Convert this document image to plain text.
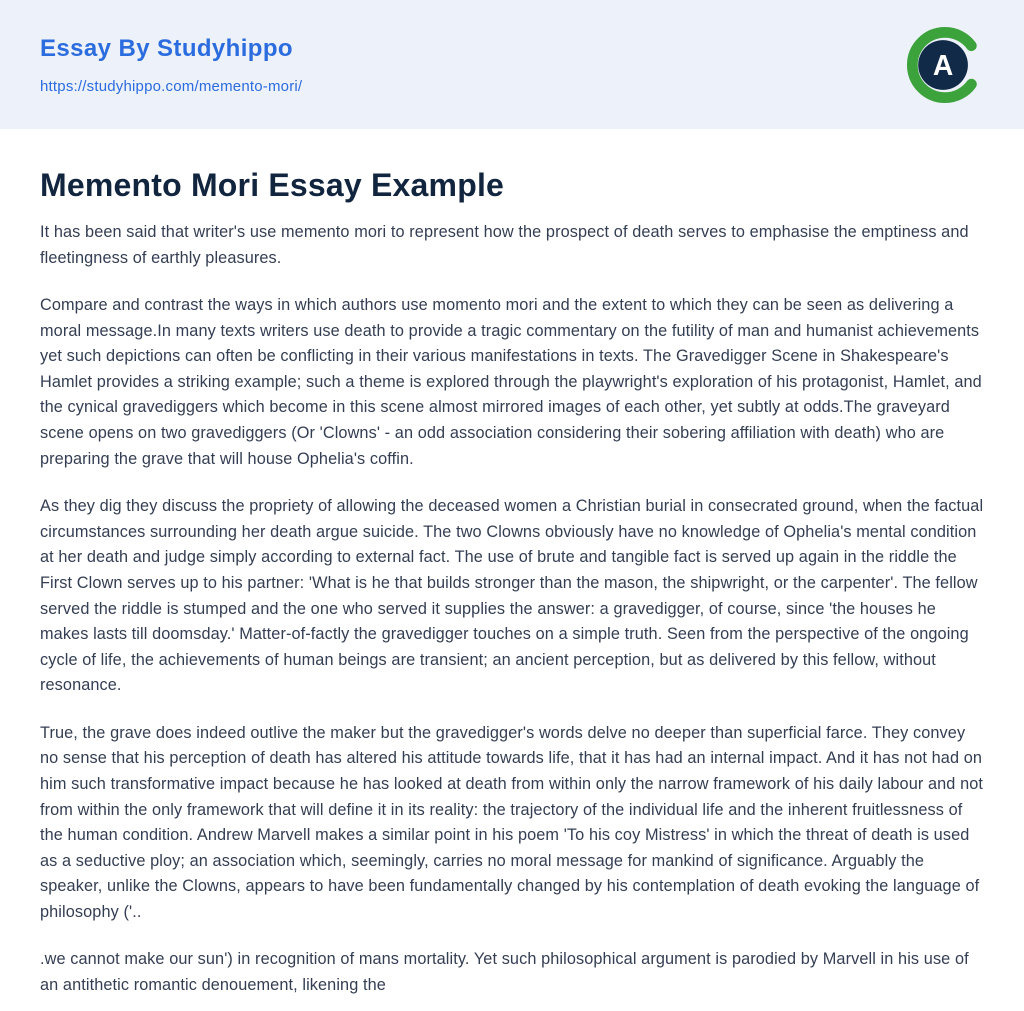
Essay By Studyhippo
https://studyhippo.com/memento-mori/
A
Memento Mori Essay Example

It has been said that writer's use memento mori to represent how the prospect of death serves to emphasise the emptiness and fleetingness of earthly pleasures.

Compare and contrast the ways in which authors use momento mori and the extent to which they can be seen as delivering a moral message.In many texts writers use death to provide a tragic commentary on the futility of man and humanist achievements yet such depictions can often be conflicting in their various manifestations in texts. The Gravedigger Scene in Shakespeare's Hamlet provides a striking example; such a theme is explored through the playwright's exploration of his protagonist, Hamlet, and the cynical gravediggers which become in this scene almost mirrored images of each other, yet subtly at odds.The graveyard scene opens on two gravediggers (Or 'Clowns' - an odd association considering their sobering affiliation with death) who are preparing the grave that will house Ophelia's coffin.

As they dig they discuss the propriety of allowing the deceased women a Christian burial in consecrated ground, when the factual circumstances surrounding her death argue suicide. The two Clowns obviously have no knowledge of Ophelia's mental condition at her death and judge simply according to external fact. The use of brute and tangible fact is served up again in the riddle the First Clown serves up to his partner: 'What is he that builds stronger than the mason, the shipwright, or the carpenter'. The fellow served the riddle is stumped and the one who served it supplies the answer: a gravedigger, of course, since 'the houses he makes lasts till doomsday.' Matter-of-factly the gravedigger touches on a simple truth. Seen from the perspective of the ongoing cycle of life, the achievements of human beings are transient; an ancient perception, but as delivered by this fellow, without resonance.

True, the grave does indeed outlive the maker but the gravedigger's words delve no deeper than superficial farce. They convey no sense that his perception of death has altered his attitude towards life, that it has had an internal impact. And it has not had on him such transformative impact because he has looked at death from within only the narrow framework of his daily labour and not from within the only framework that will define it in its reality: the trajectory of the individual life and the inherent fruitlessness of the human condition. Andrew Marvell makes a similar point in his poem 'To his coy Mistress' in which the threat of death is used as a seductive ploy; an association which, seemingly, carries no moral message for mankind of significance. Arguably the speaker, unlike the Clowns, appears to have been fundamentally changed by his contemplation of death evoking the language of philosophy ('..

.we cannot make our sun') in recognition of mans mortality. Yet such philosophical argument is parodied by Marvell in his use of an antithetic romantic denouement, likening the
